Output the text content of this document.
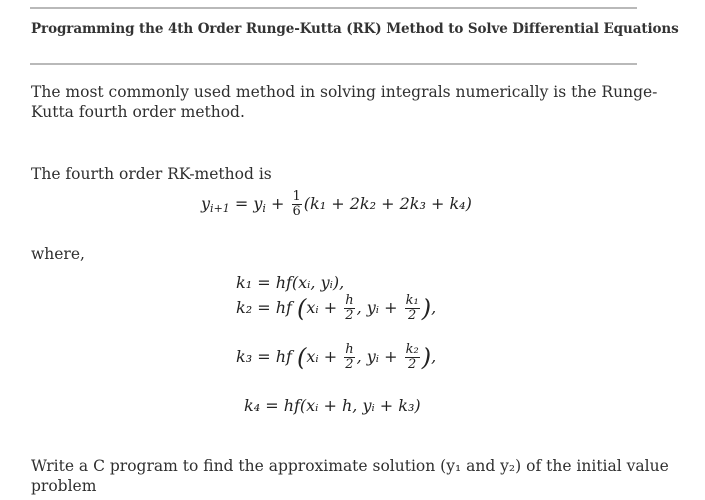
Programming the 4th Order Runge-Kutta (RK) Method to Solve Differential Equations
The most commonly used method in solving integrals numerically is the Runge-
Kutta fourth order method.
The fourth order RK-method is
$y_{i+1} = y_i + \frac{1}{6} (k_1 + 2k_2 + 2k_3 + k_4)$
where,
k₁ = hf(xᵢ, yᵢ),
k₂ = hf (xᵢ + $\frac{h}{2}$ , yᵢ + $\frac{\text{k₁}}{2}$ ),
k₃ = hf (xᵢ + $\frac{h}{2}$ , yᵢ + $\frac{\text{k₂}}{2}$ ),
k₄ = hf(xᵢ + h, yᵢ + k₃)
Write a C program to find the approximate solution (y₁ and y₂) of the initial value
problem
